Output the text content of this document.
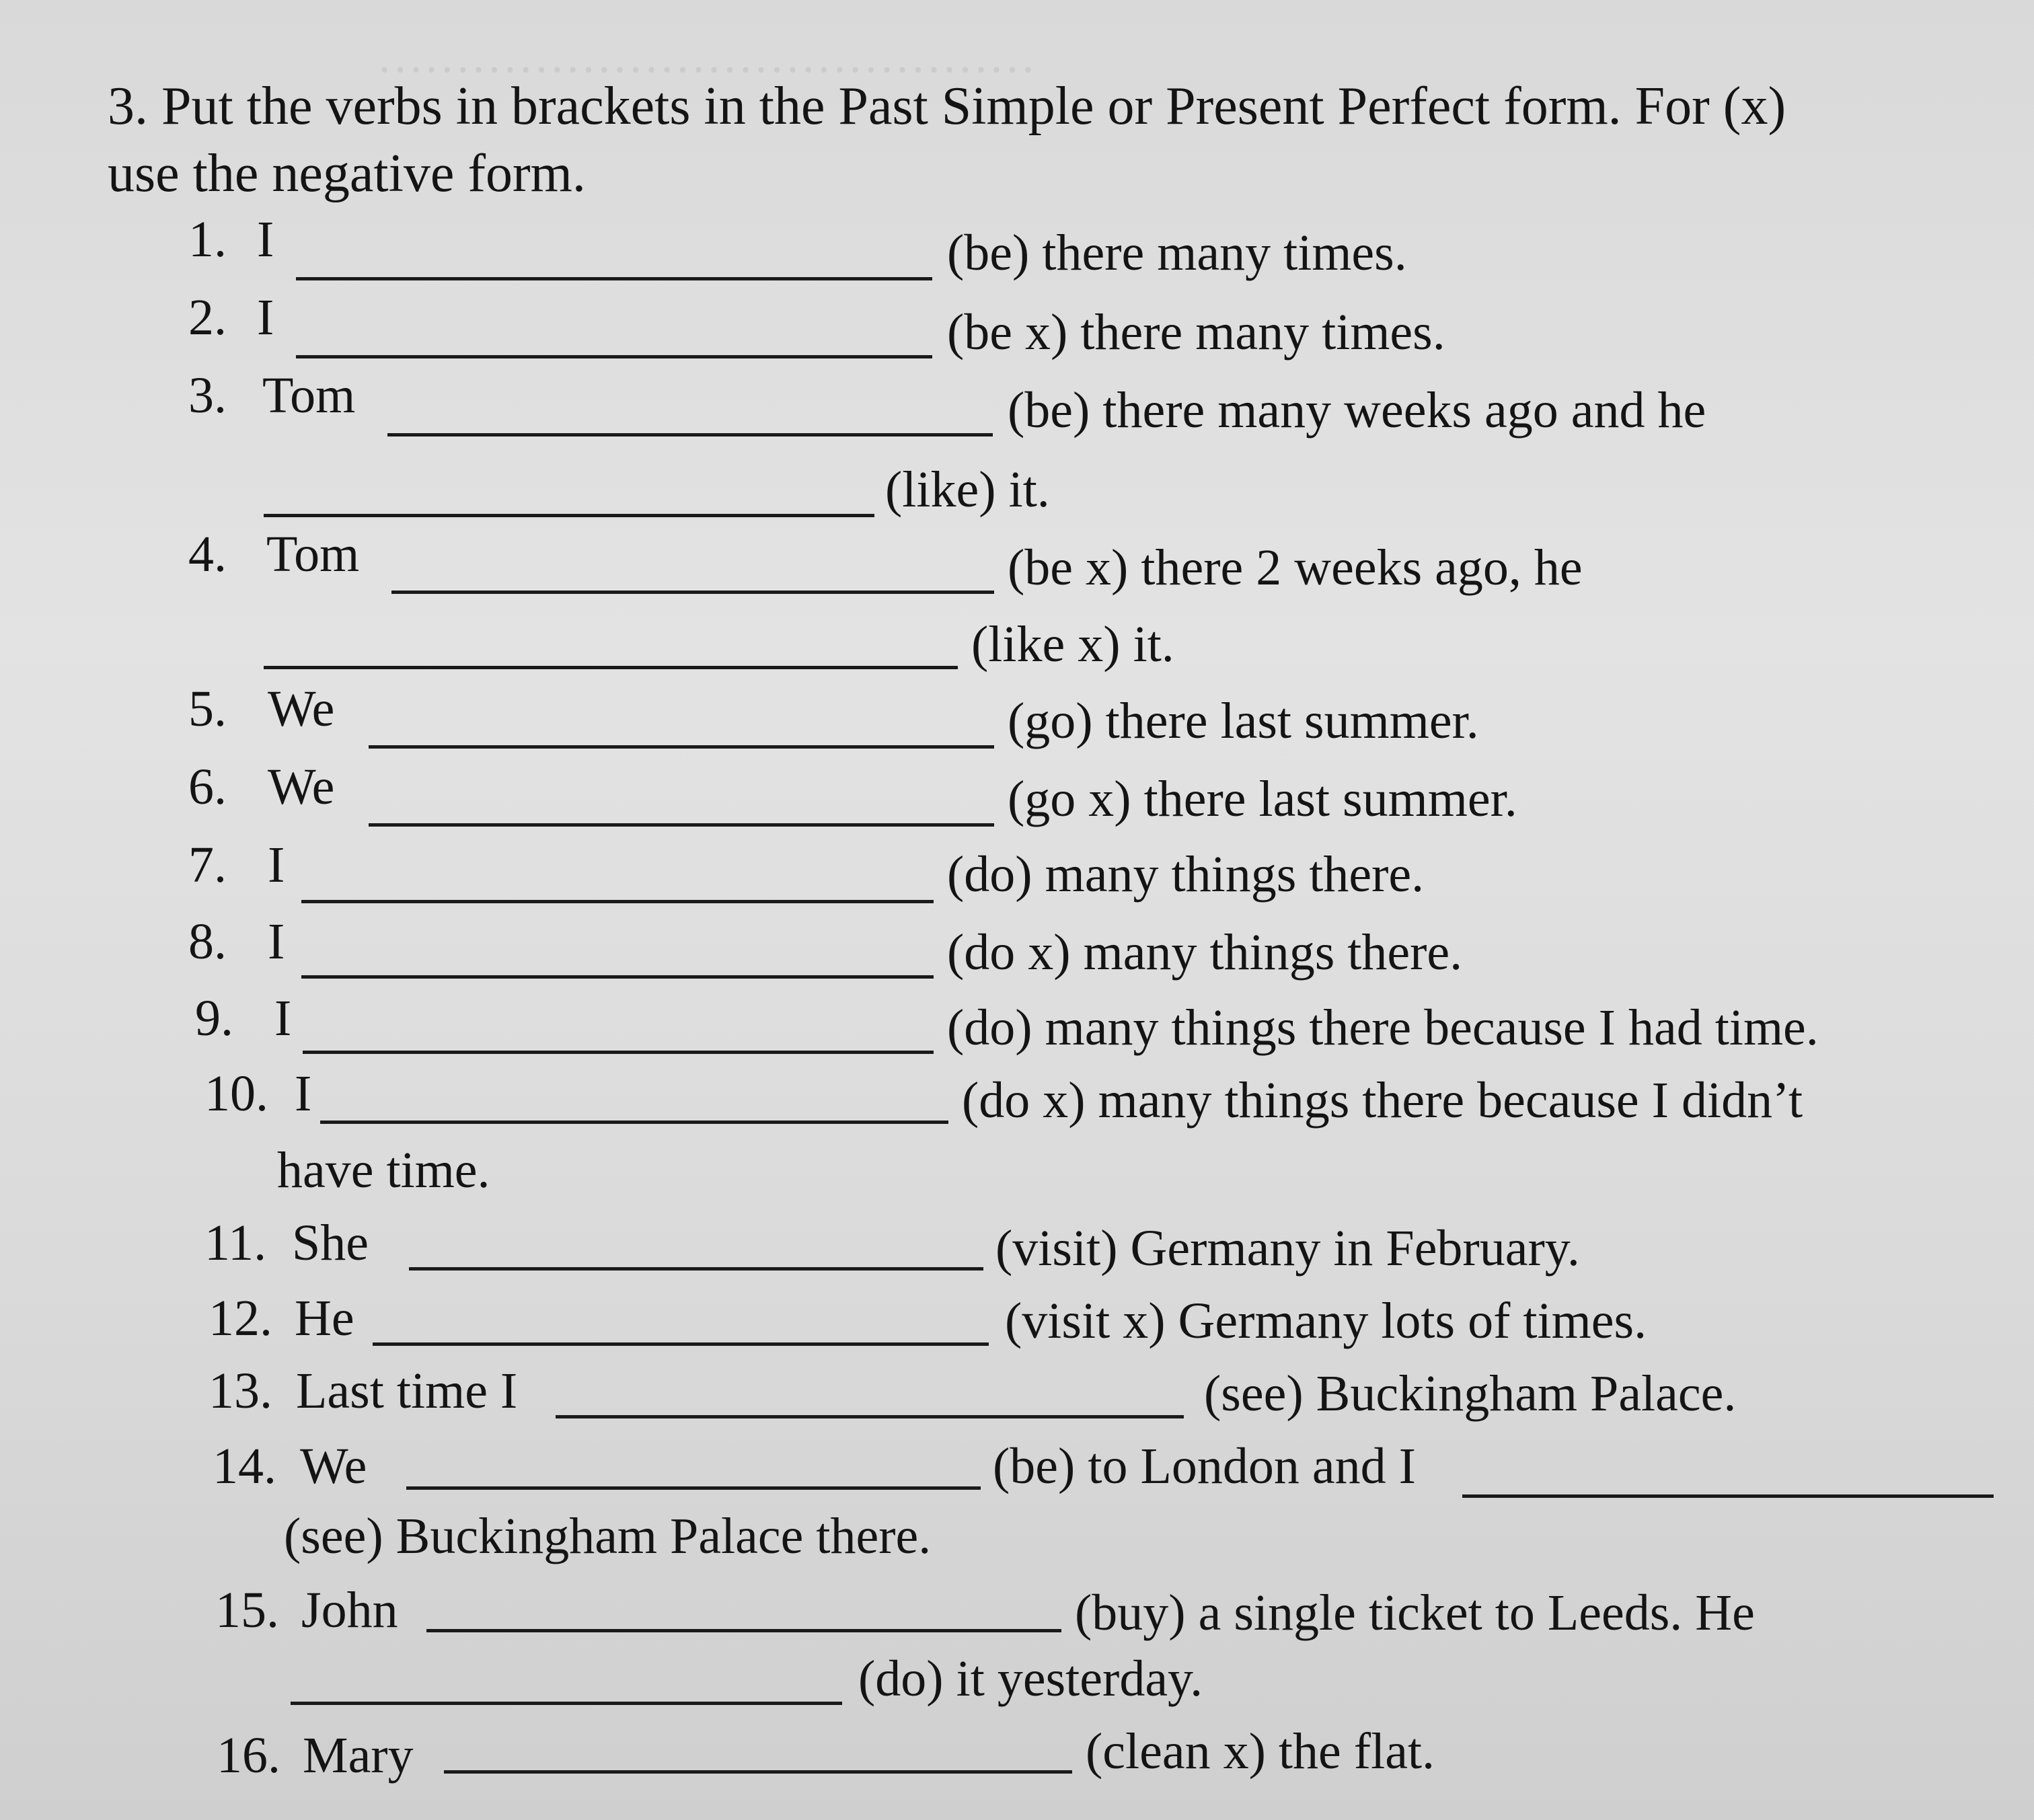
……………………………………
3. Put the verbs in brackets in the Past Simple or Present Perfect form. For (x)
use the negative form.
1. I	(be) there many times.
2. I	(be x) there many times.
3. Tom	(be) there many weeks ago and he
(like) it.
4. Tom	(be x) there 2 weeks ago, he
(like x) it.
5. We	(go) there last summer.
6. We	(go x) there last summer.
7. I	(do) many things there.
8. I	(do x) many things there.
9. I	(do) many things there because I had time.
10. I	(do x) many things there because I didn’t
have time.
11. She	(visit) Germany in February.
12. He	(visit x) Germany lots of times.
13. Last time I	(see) Buckingham Palace.
14. We	(be) to London and I
(see) Buckingham Palace there.
15. John	(buy) a single ticket to Leeds. He
(do) it yesterday.
16. Mary	(clean x) the flat.
